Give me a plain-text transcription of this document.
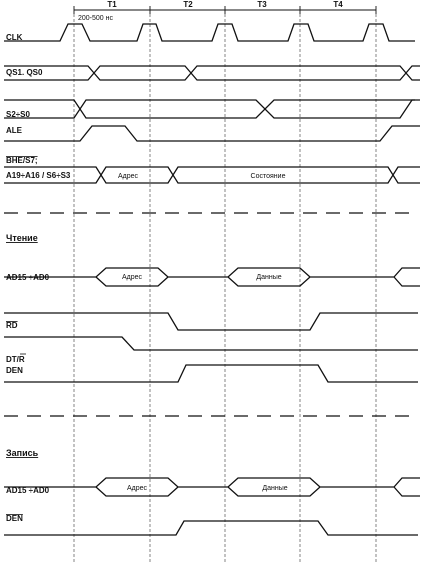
T1	T2	T3	T4
200-500 нс
CLK
QS1. QS0
S2÷S0
ALE
BHE/S7;
A19÷A16 / S6÷S3
Чтение
AD15 ÷AD0
RD
DT/R
DEN
Запись
AD15 ÷AD0
DEN
Адрес	Состояние
Адрес	Данные
Адрес	Данные
